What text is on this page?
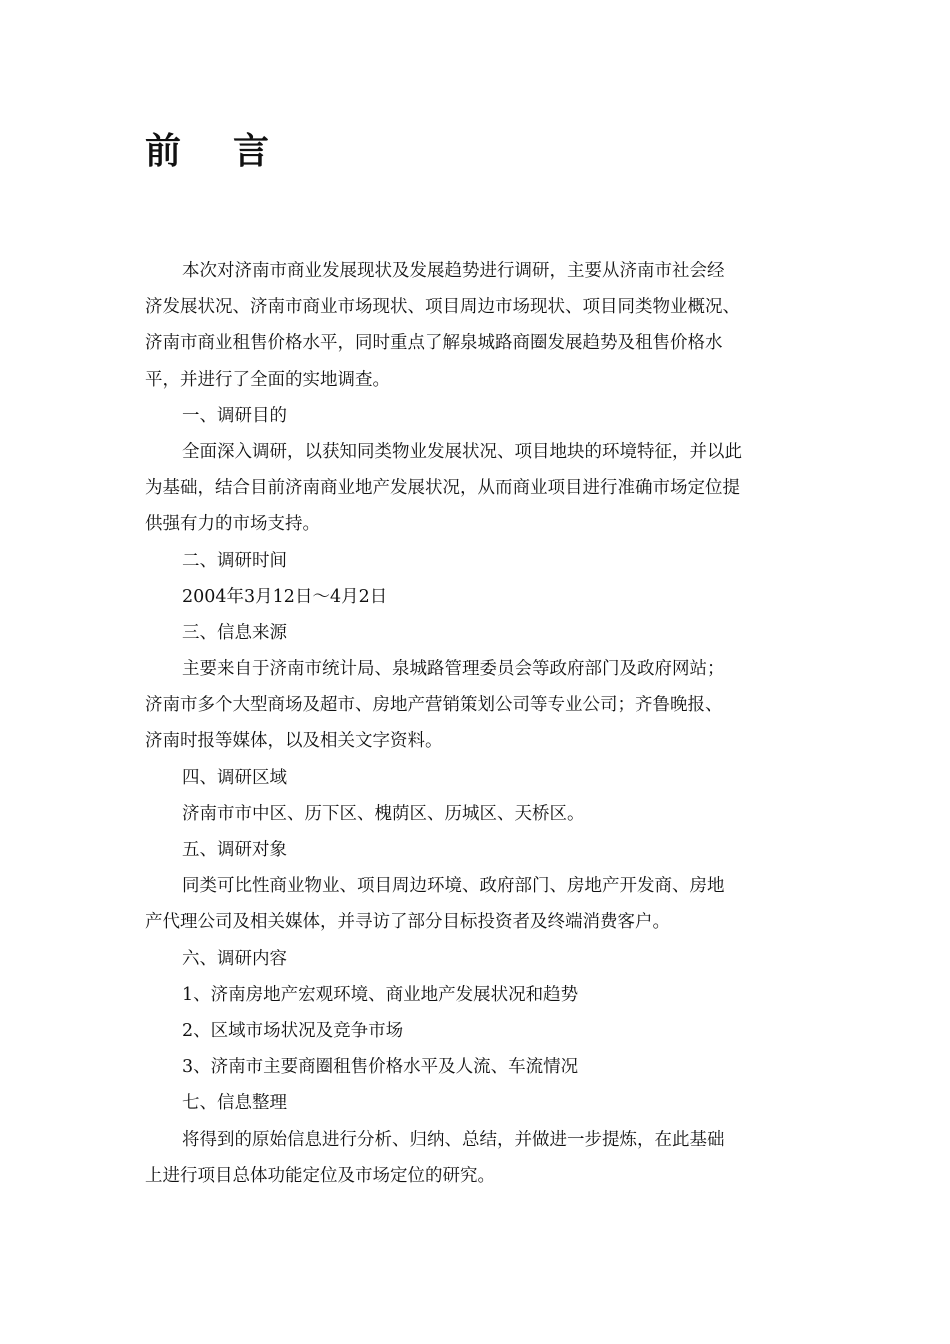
前 言
本次对济南市商业发展现状及发展趋势进行调研，主要从济南市社会经
济发展状况、济南市商业市场现状、项目周边市场现状、项目同类物业概况、
济南市商业租售价格水平，同时重点了解泉城路商圈发展趋势及租售价格水
平，并进行了全面的实地调查。
一、调研目的
全面深入调研，以获知同类物业发展状况、项目地块的环境特征，并以此
为基础，结合目前济南商业地产发展状况，从而商业项目进行准确市场定位提
供强有力的市场支持。
二、调研时间
2004年3月12日～4月2日
三、信息来源
主要来自于济南市统计局、泉城路管理委员会等政府部门及政府网站；
济南市多个大型商场及超市、房地产营销策划公司等专业公司；齐鲁晚报、
济南时报等媒体，以及相关文字资料。
四、调研区域
济南市市中区、历下区、槐荫区、历城区、天桥区。
五、调研对象
同类可比性商业物业、项目周边环境、政府部门、房地产开发商、房地
产代理公司及相关媒体，并寻访了部分目标投资者及终端消费客户。
六、调研内容
1、济南房地产宏观环境、商业地产发展状况和趋势
2、区域市场状况及竞争市场
3、济南市主要商圈租售价格水平及人流、车流情况
七、信息整理
将得到的原始信息进行分析、归纳、总结，并做进一步提炼，在此基础
上进行项目总体功能定位及市场定位的研究。
